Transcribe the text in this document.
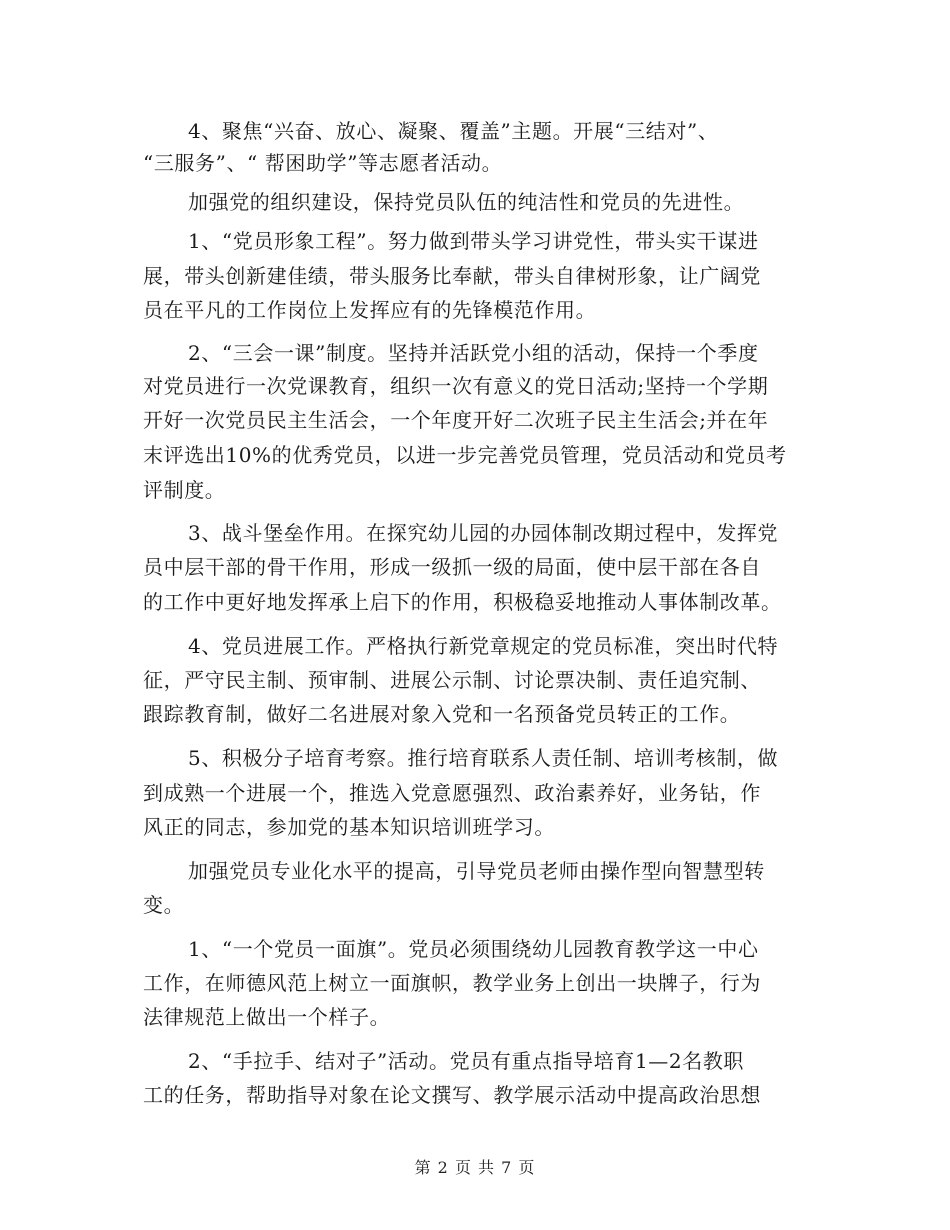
4、聚焦“兴奋、放心、凝聚、覆盖”主题。开展“三结对”、
“三服务”、“ 帮困助学”等志愿者活动。
加强党的组织建设，保持党员队伍的纯洁性和党员的先进性。
1、“党员形象工程”。努力做到带头学习讲党性，带头实干谋进
展，带头创新建佳绩，带头服务比奉献，带头自律树形象，让广阔党
员在平凡的工作岗位上发挥应有的先锋模范作用。
2、“三会一课”制度。坚持并活跃党小组的活动，保持一个季度
对党员进行一次党课教育，组织一次有意义的党日活动;坚持一个学期
开好一次党员民主生活会，一个年度开好二次班子民主生活会;并在年
末评选出10%的优秀党员，以进一步完善党员管理，党员活动和党员考
评制度。
3、战斗堡垒作用。在探究幼儿园的办园体制改期过程中，发挥党
员中层干部的骨干作用，形成一级抓一级的局面，使中层干部在各自
的工作中更好地发挥承上启下的作用，积极稳妥地推动人事体制改革。
4、党员进展工作。严格执行新党章规定的党员标准，突出时代特
征，严守民主制、预审制、进展公示制、讨论票决制、责任追究制、
跟踪教育制，做好二名进展对象入党和一名预备党员转正的工作。
5、积极分子培育考察。推行培育联系人责任制、培训考核制，做
到成熟一个进展一个，推选入党意愿强烈、政治素养好，业务钻，作
风正的同志，参加党的基本知识培训班学习。
加强党员专业化水平的提高，引导党员老师由操作型向智慧型转
变。
1、“一个党员一面旗”。党员必须围绕幼儿园教育教学这一中心
工作，在师德风范上树立一面旗帜，教学业务上创出一块牌子，行为
法律规范上做出一个样子。
2、“手拉手、结对子”活动。党员有重点指导培育1—2名教职
工的任务，帮助指导对象在论文撰写、教学展示活动中提高政治思想
第 2 页 共 7 页
